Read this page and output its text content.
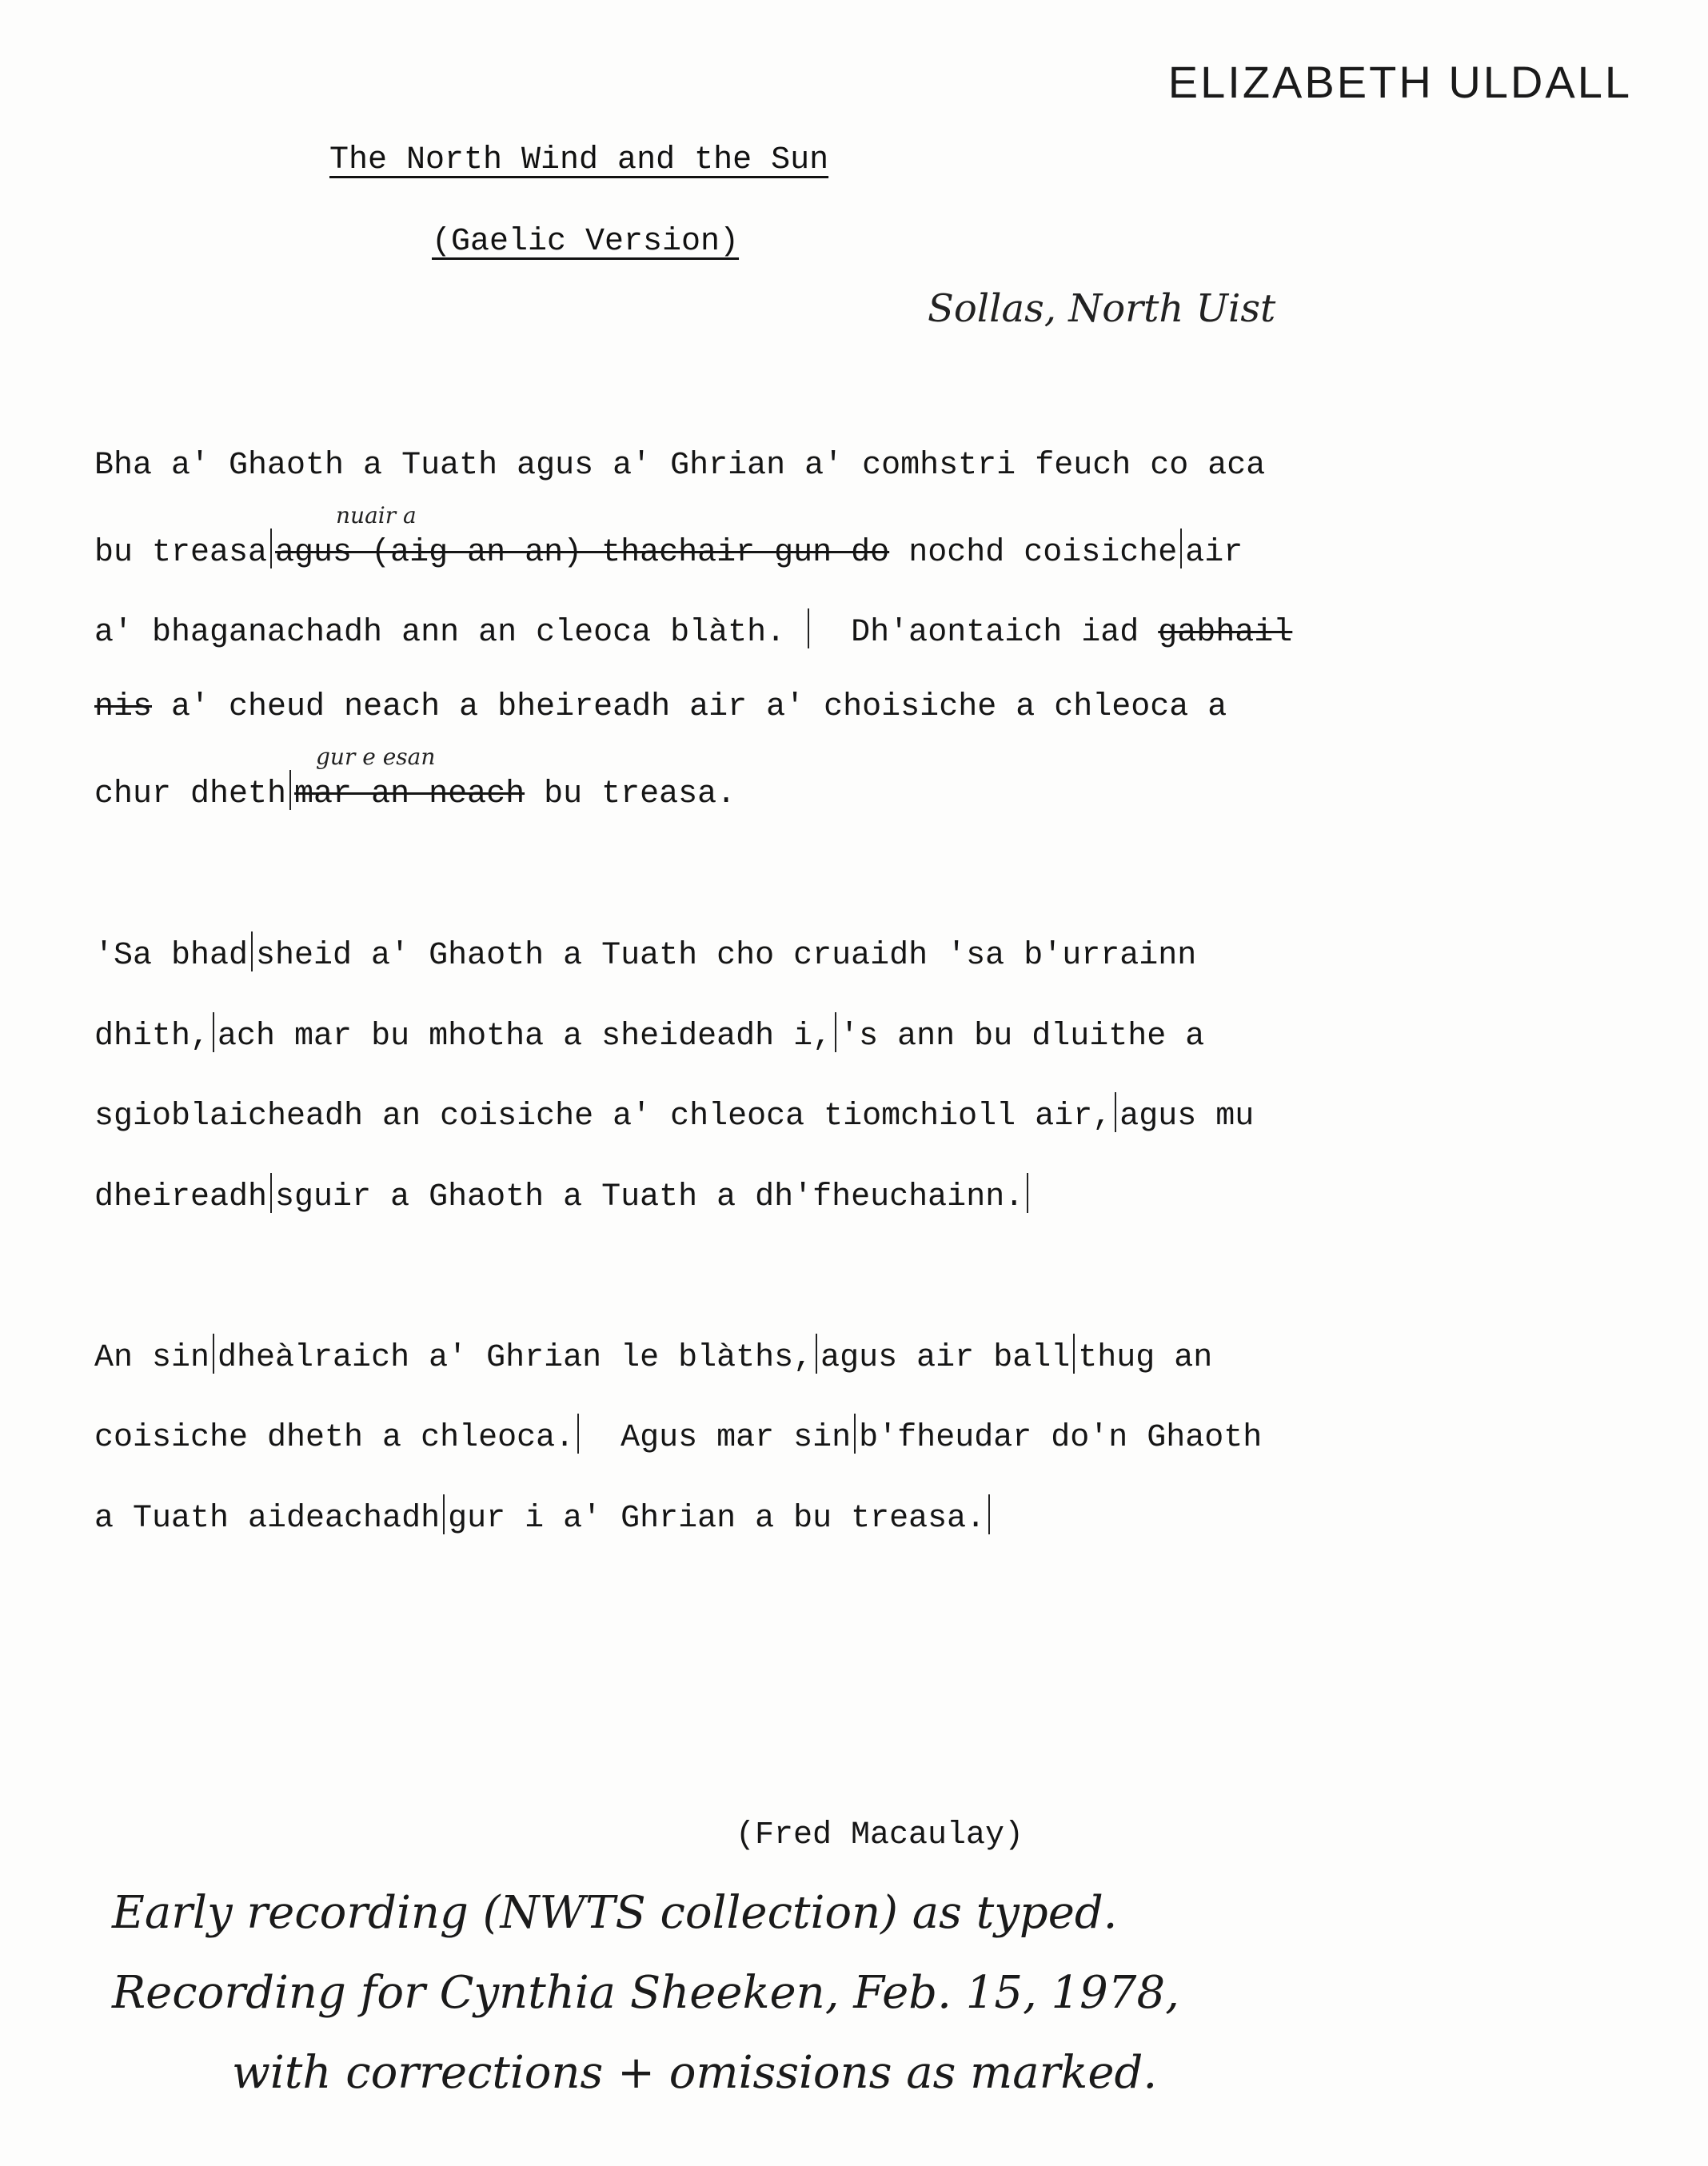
ELIZABETH ULDALL
The North Wind and the Sun
(Gaelic Version)
Sollas, North Uist
Bha a' Ghaoth a Tuath agus a' Ghrian a' comhstri feuch co aca
bu treasa agus (aig an an) thachair gun do nochd coisiche air
nuair a
a' bhaganachadh ann an cleoca blàth. Dh'aontaich iad gabhail
nis a' cheud neach a bheireadh air a' choisiche a chleoca a
chur dheth mar an neach bu treasa.
gur e esan
'Sa bhad sheid a' Ghaoth a Tuath cho cruaidh 'sa b'urrainn
dhith, ach mar bu mhotha a sheideadh i, 's ann bu dluithe a
sgioblaicheadh an coisiche a' chleoca tiomchioll air, agus mu
dheireadh sguir a Ghaoth a Tuath a dh'fheuchainn.
An sin dheàlraich a' Ghrian le blàths, agus air ball thug an
coisiche dheth a chleoca. Agus mar sin b'fheudar do'n Ghaoth
a Tuath aideachadh gur i a' Ghrian a bu treasa.
(Fred Macaulay)
Early recording (NWTS collection) as typed.
Recording for Cynthia Sheeken, Feb. 15, 1978,
with corrections + omissions as marked.
